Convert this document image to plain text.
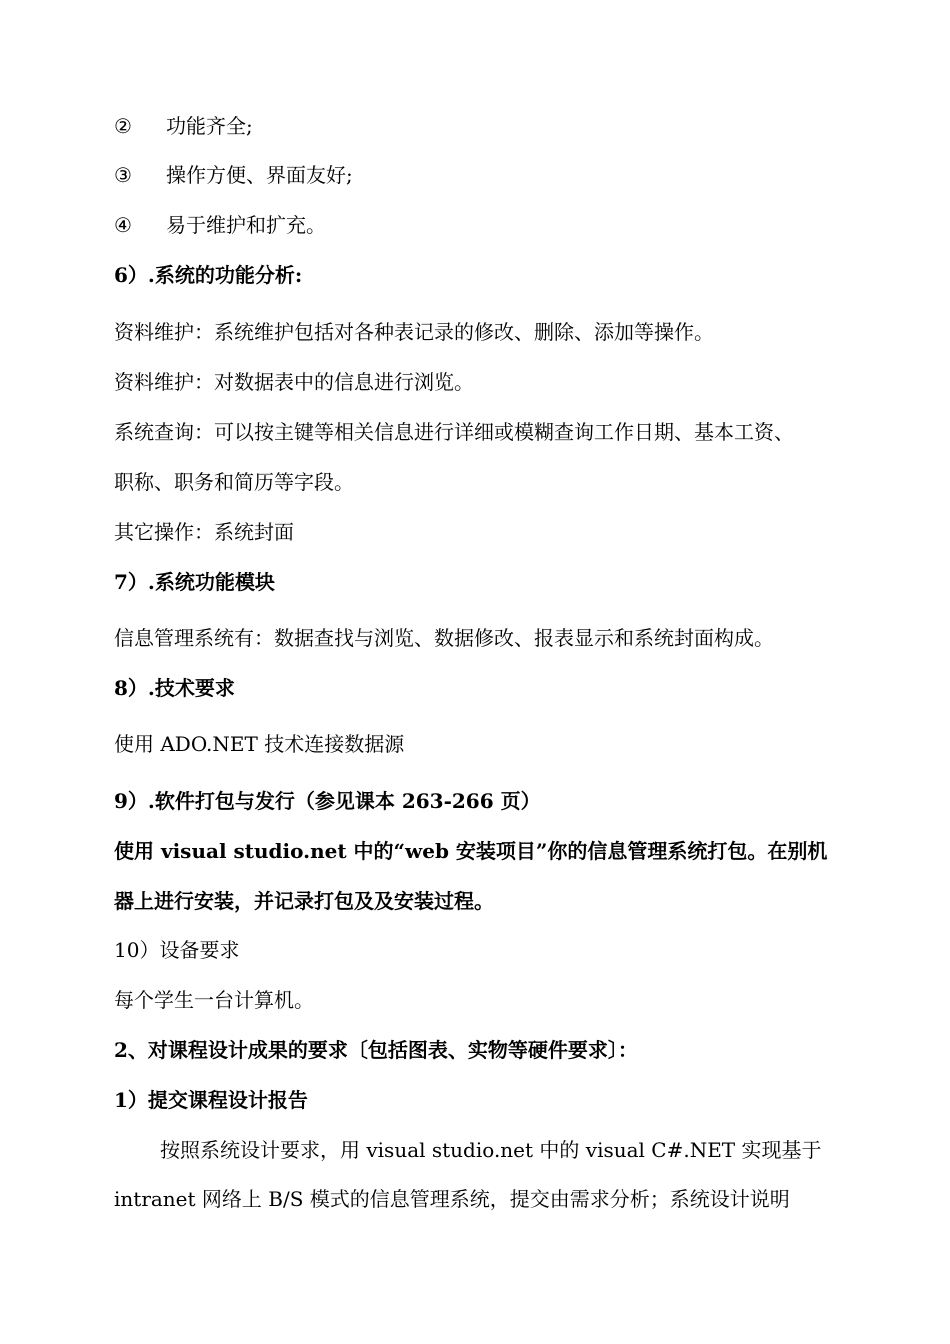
② 功能齐全;
③ 操作方便、界面友好;
④ 易于维护和扩充。
6）.系统的功能分析:
资料维护：系统维护包括对各种表记录的修改、删除、添加等操作。
资料维护：对数据表中的信息进行浏览。
系统查询：可以按主键等相关信息进行详细或模糊查询工作日期、基本工资、
职称、职务和简历等字段。
其它操作：系统封面
7）.系统功能模块
信息管理系统有：数据查找与浏览、数据修改、报表显示和系统封面构成。
8）.技术要求
使用 ADO.NET 技术连接数据源
9）.软件打包与发行（参见课本 263-266 页）
使用 visual studio.net 中的“web 安装项目”你的信息管理系统打包。在别机
器上进行安装，并记录打包及及安装过程。
10）设备要求
每个学生一台计算机。
2、对课程设计成果的要求〔包括图表、实物等硬件要求〕：
1）提交课程设计报告
按照系统设计要求，用 visual studio.net 中的 visual C#.NET 实现基于
intranet 网络上 B/S 模式的信息管理系统，提交由需求分析；系统设计说明
